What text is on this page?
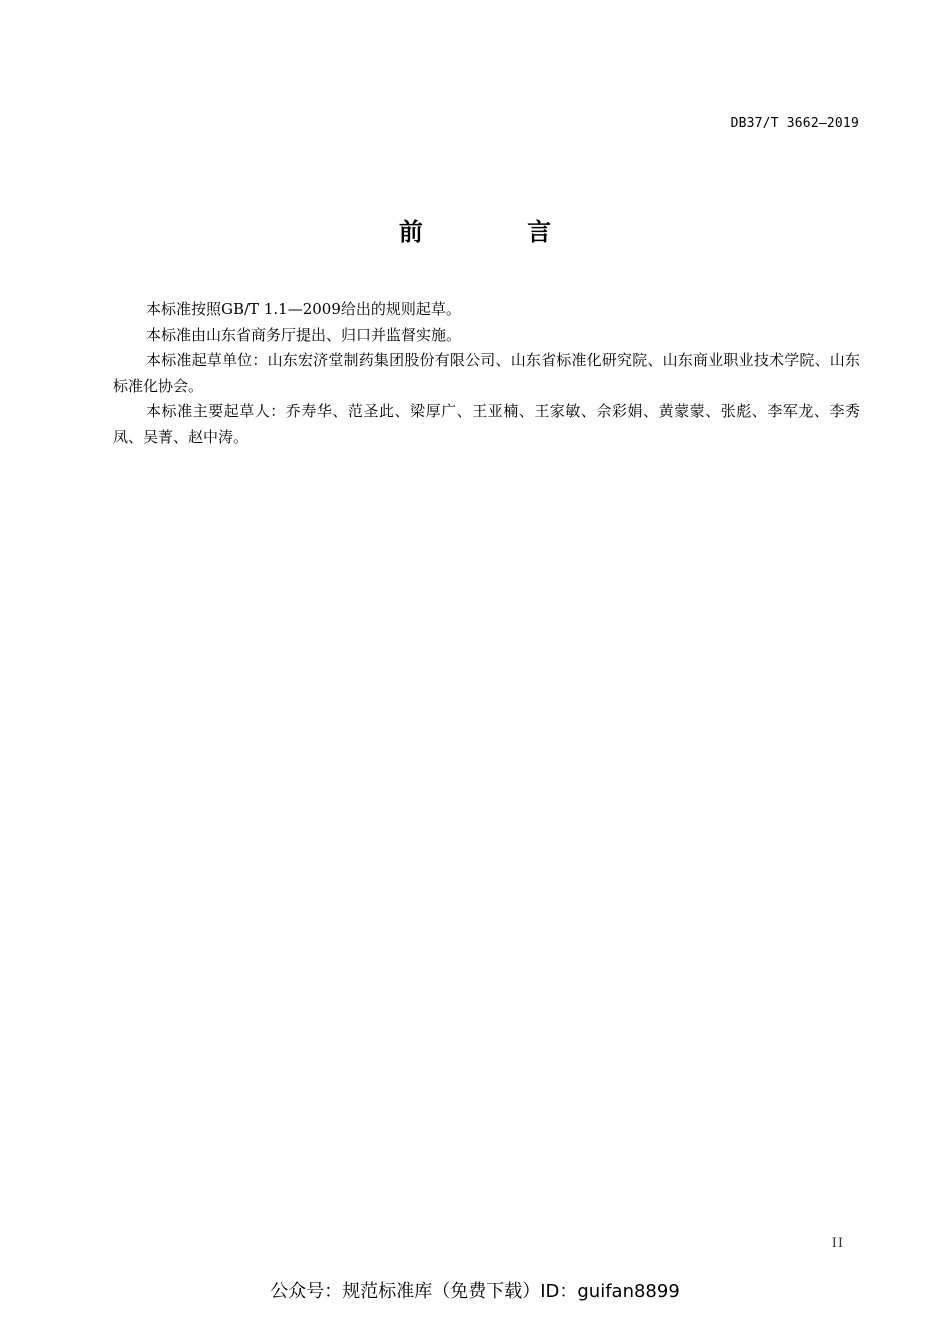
DB37/T 3662—2019
前 言

本标准按照GB/T 1.1—2009给出的规则起草。

本标准由山东省商务厅提出、归口并监督实施。

本标准起草单位：山东宏济堂制药集团股份有限公司、山东省标准化研究院、山东商业职业技术学院、山东标准化协会。

本标准主要起草人：乔寿华、范圣此、梁厚广、王亚楠、王家敏、佘彩娟、黄蒙蒙、张彪、李军龙、李秀凤、吴菁、赵中涛。

II
公众号：规范标准库（免费下载）ID：guifan8899
